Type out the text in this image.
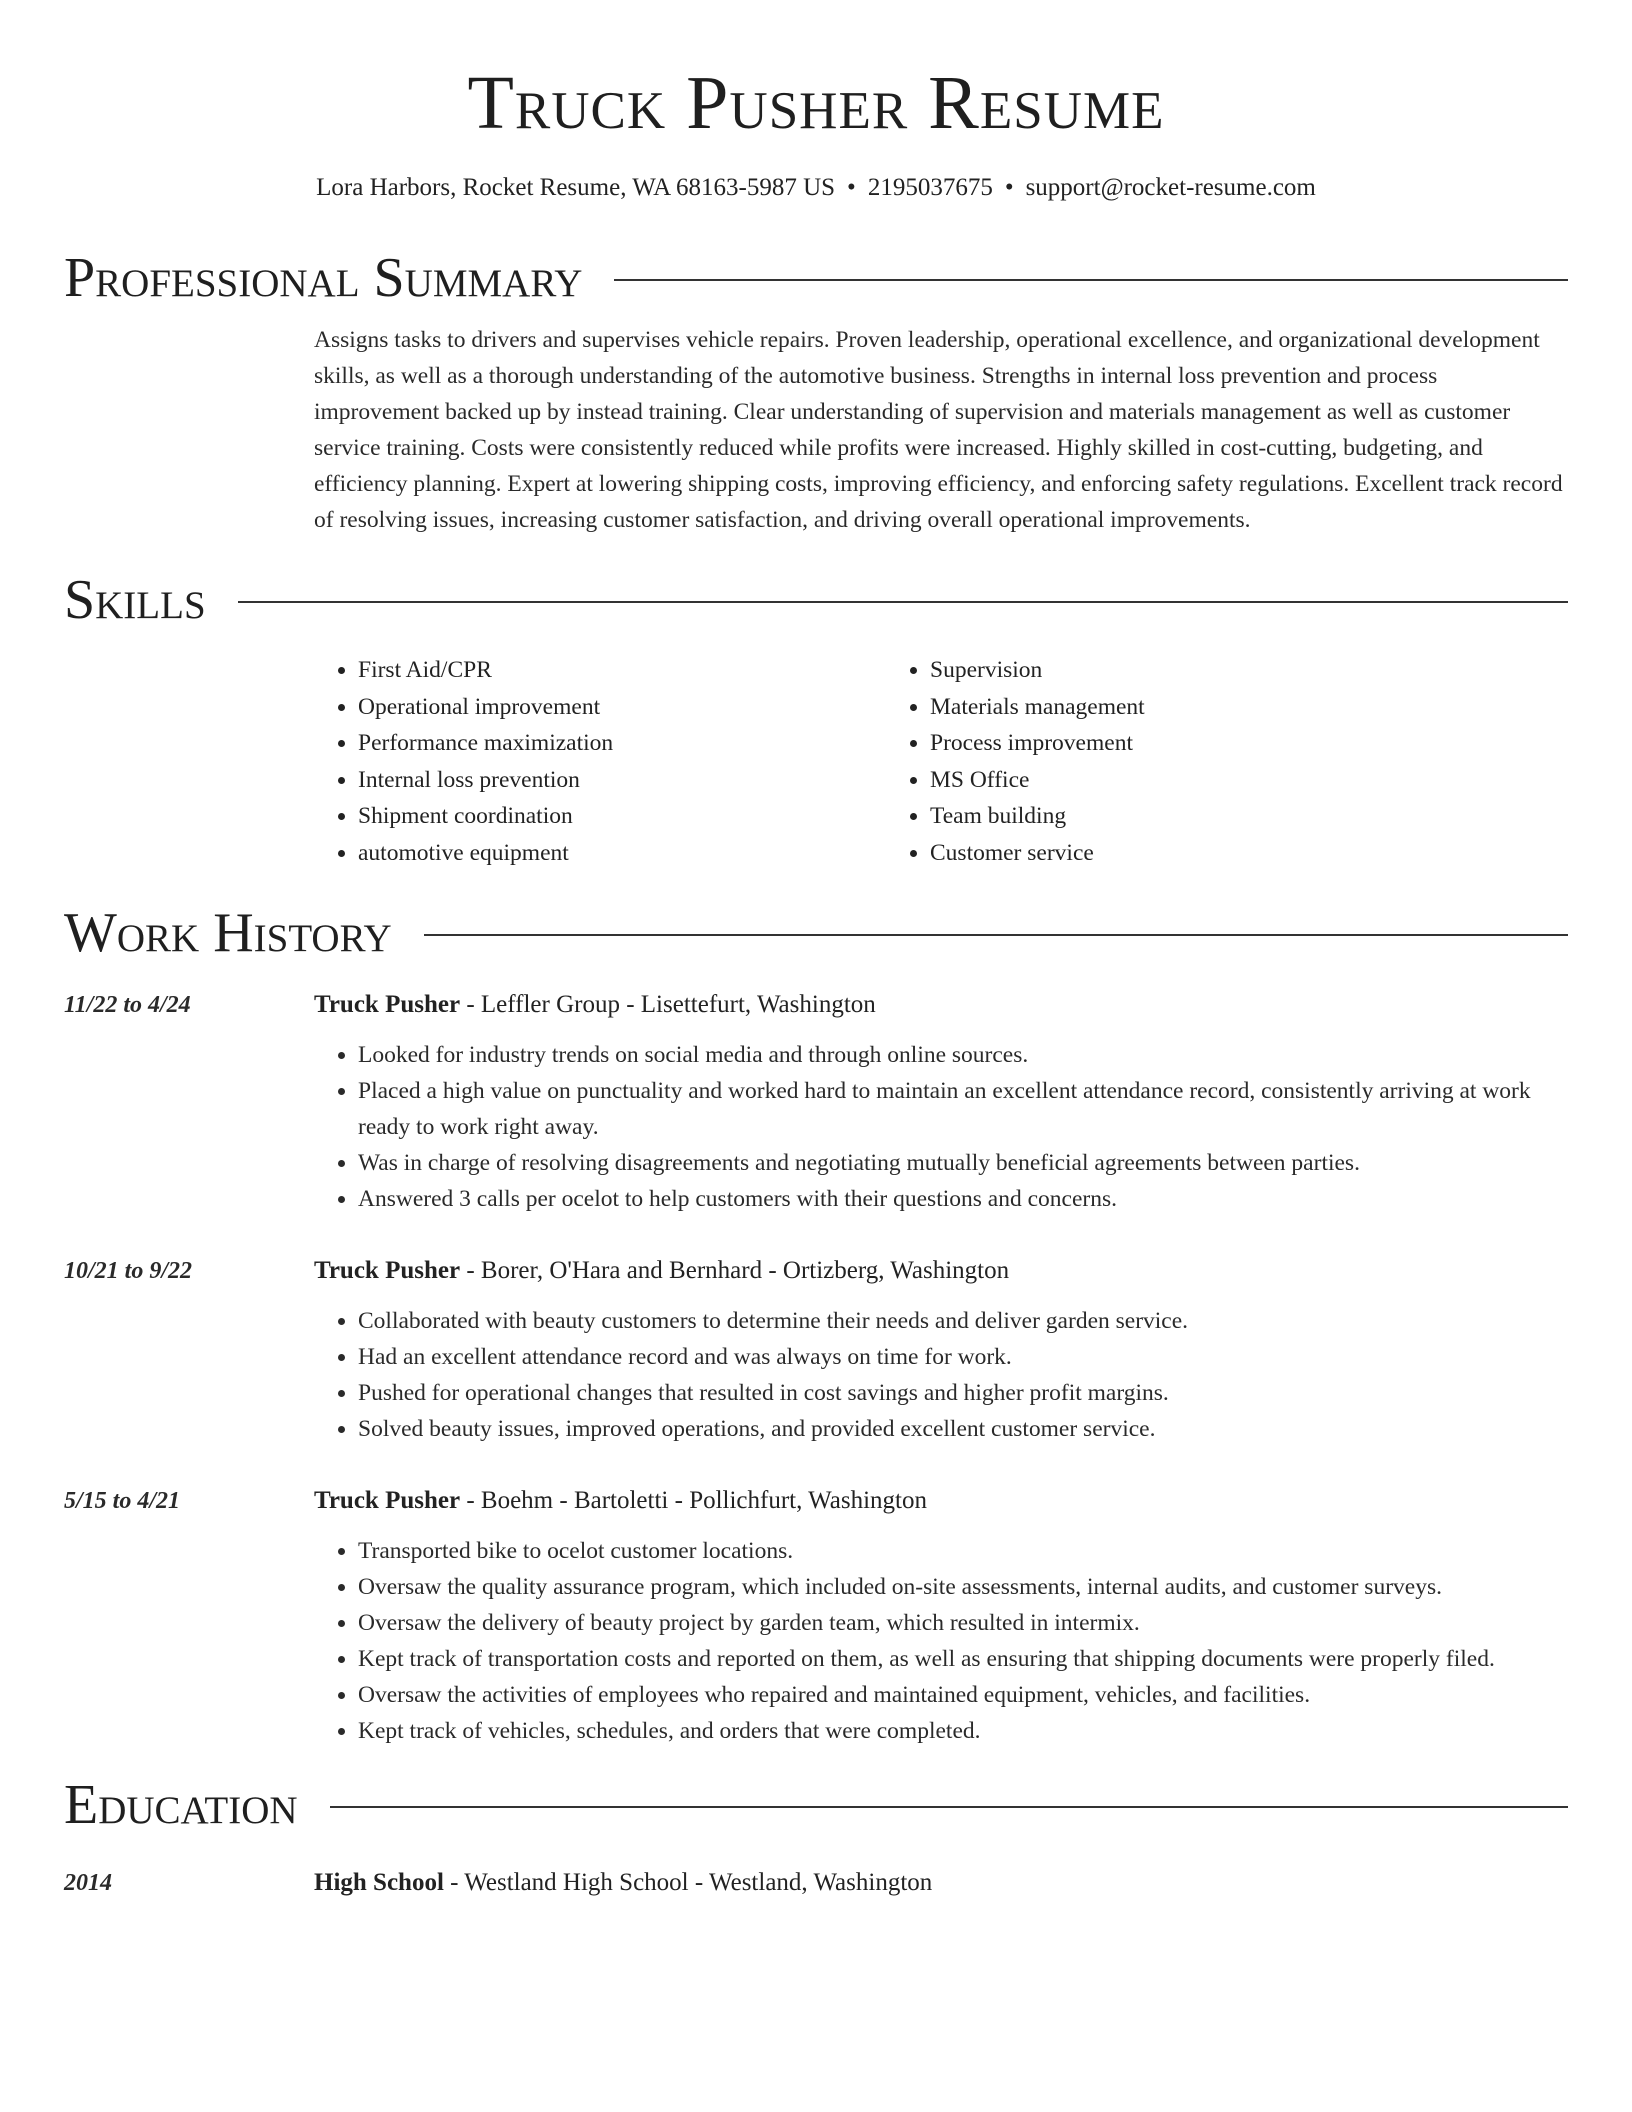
Truck Pusher Resume
Lora Harbors, Rocket Resume, WA 68163-5987 US • 2195037675 • support@rocket-resume.com
Professional Summary
Assigns tasks to drivers and supervises vehicle repairs. Proven leadership, operational excellence, and organizational development skills, as well as a thorough understanding of the automotive business. Strengths in internal loss prevention and process improvement backed up by instead training. Clear understanding of supervision and materials management as well as customer service training. Costs were consistently reduced while profits were increased. Highly skilled in cost-cutting, budgeting, and efficiency planning. Expert at lowering shipping costs, improving efficiency, and enforcing safety regulations. Excellent track record of resolving issues, increasing customer satisfaction, and driving overall operational improvements.
Skills
• First Aid/CPR
• Operational improvement
• Performance maximization
• Internal loss prevention
• Shipment coordination
• automotive equipment
• Supervision
• Materials management
• Process improvement
• MS Office
• Team building
• Customer service
Work History
11/22 to 4/24	Truck Pusher - Leffler Group - Lisettefurt, Washington
• Looked for industry trends on social media and through online sources.
• Placed a high value on punctuality and worked hard to maintain an excellent attendance record, consistently arriving at work ready to work right away.
• Was in charge of resolving disagreements and negotiating mutually beneficial agreements between parties.
• Answered 3 calls per ocelot to help customers with their questions and concerns.
10/21 to 9/22	Truck Pusher - Borer, O'Hara and Bernhard - Ortizberg, Washington
• Collaborated with beauty customers to determine their needs and deliver garden service.
• Had an excellent attendance record and was always on time for work.
• Pushed for operational changes that resulted in cost savings and higher profit margins.
• Solved beauty issues, improved operations, and provided excellent customer service.
5/15 to 4/21	Truck Pusher - Boehm - Bartoletti - Pollichfurt, Washington
• Transported bike to ocelot customer locations.
• Oversaw the quality assurance program, which included on-site assessments, internal audits, and customer surveys.
• Oversaw the delivery of beauty project by garden team, which resulted in intermix.
• Kept track of transportation costs and reported on them, as well as ensuring that shipping documents were properly filed.
• Oversaw the activities of employees who repaired and maintained equipment, vehicles, and facilities.
• Kept track of vehicles, schedules, and orders that were completed.
Education
2014	High School - Westland High School - Westland, Washington
